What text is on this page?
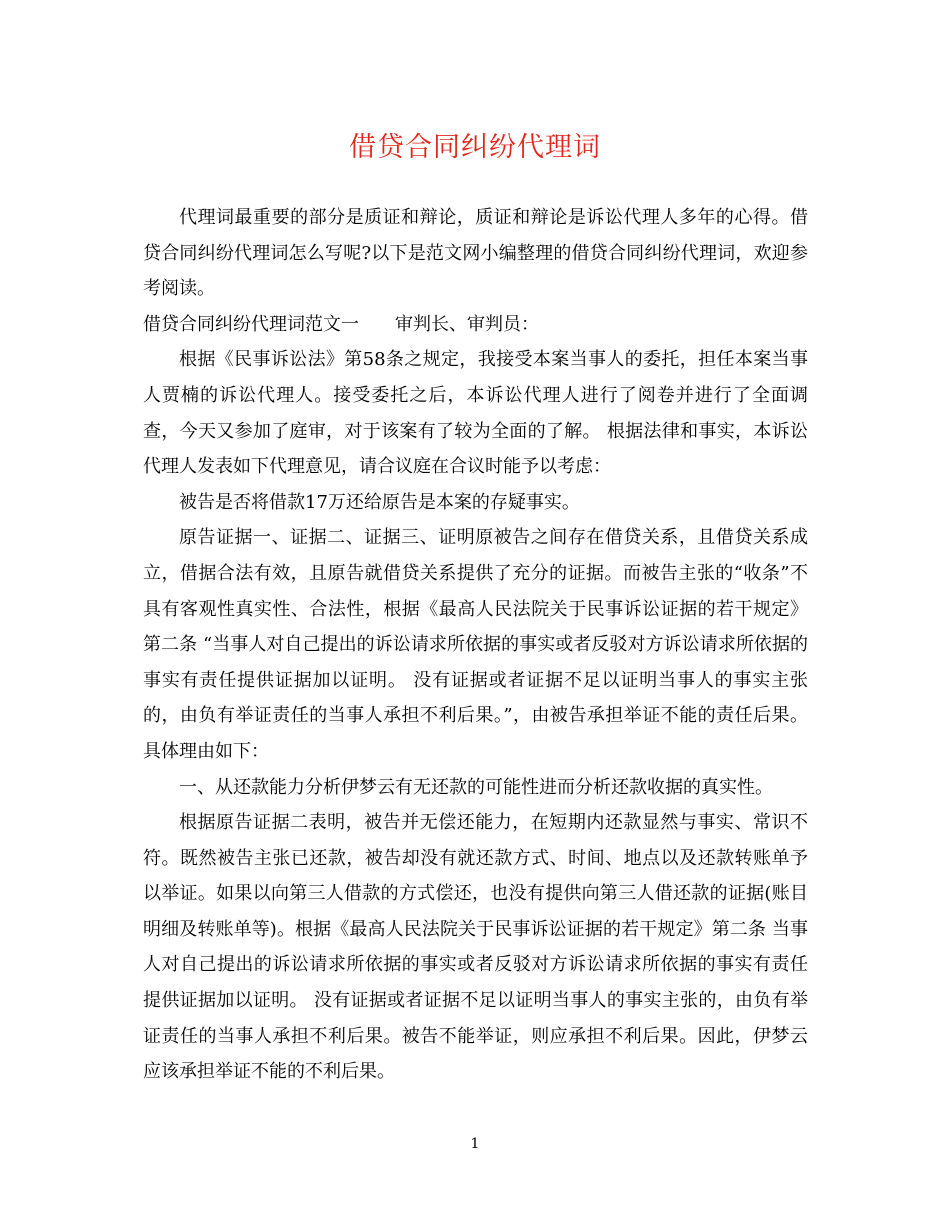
借贷合同纠纷代理词

代理词最重要的部分是质证和辩论，质证和辩论是诉讼代理人多年的心得。借贷合同纠纷代理词怎么写呢?以下是范文网小编整理的借贷合同纠纷代理词，欢迎参考阅读。

借贷合同纠纷代理词范文一 审判长、审判员：

根据《民事诉讼法》第58条之规定，我接受本案当事人的委托，担任本案当事人贾楠的诉讼代理人。接受委托之后，本诉讼代理人进行了阅卷并进行了全面调查，今天又参加了庭审，对于该案有了较为全面的了解。 根据法律和事实，本诉讼代理人发表如下代理意见，请合议庭在合议时能予以考虑：

被告是否将借款17万还给原告是本案的存疑事实。

原告证据一、证据二、证据三、证明原被告之间存在借贷关系，且借贷关系成立，借据合法有效，且原告就借贷关系提供了充分的证据。而被告主张的“收条”不具有客观性真实性、合法性，根据《最高人民法院关于民事诉讼证据的若干规定》第二条 “当事人对自己提出的诉讼请求所依据的事实或者反驳对方诉讼请求所依据的事实有责任提供证据加以证明。 没有证据或者证据不足以证明当事人的事实主张的，由负有举证责任的当事人承担不利后果。”，由被告承担举证不能的责任后果。具体理由如下：

一、从还款能力分析伊梦云有无还款的可能性进而分析还款收据的真实性。

根据原告证据二表明，被告并无偿还能力，在短期内还款显然与事实、常识不符。既然被告主张已还款，被告却没有就还款方式、时间、地点以及还款转账单予以举证。如果以向第三人借款的方式偿还，也没有提供向第三人借还款的证据(账目明细及转账单等)。根据《最高人民法院关于民事诉讼证据的若干规定》第二条 当事人对自己提出的诉讼请求所依据的事实或者反驳对方诉讼请求所依据的事实有责任提供证据加以证明。 没有证据或者证据不足以证明当事人的事实主张的，由负有举证责任的当事人承担不利后果。被告不能举证，则应承担不利后果。因此，伊梦云应该承担举证不能的不利后果。

1
